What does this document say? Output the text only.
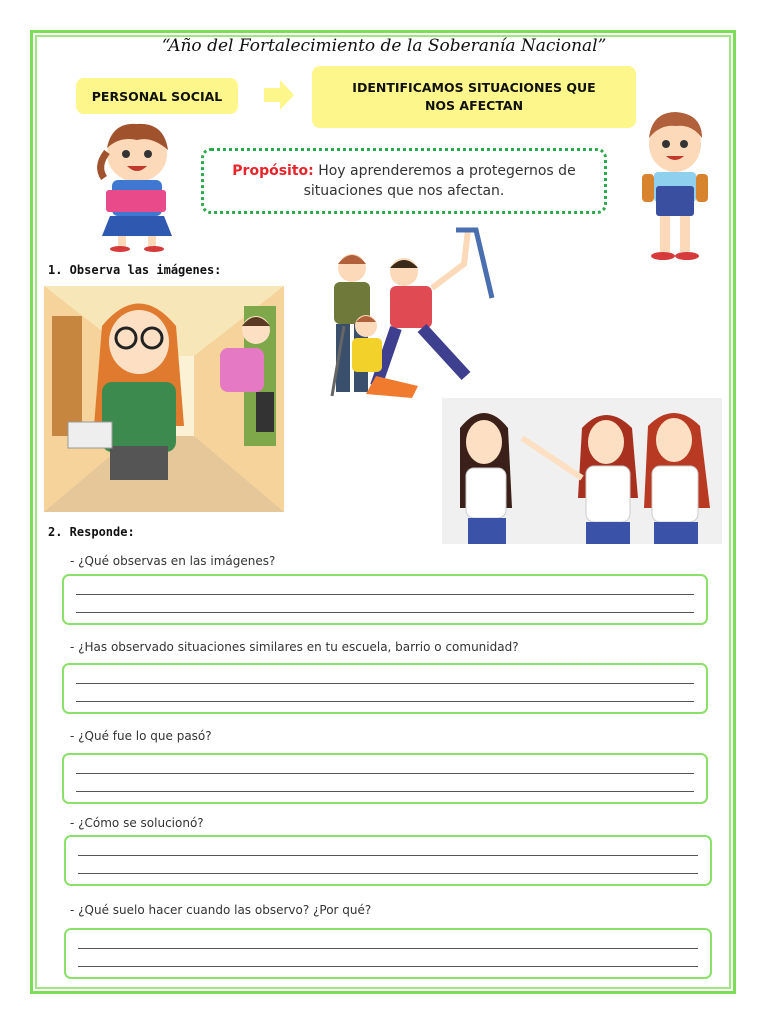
“Año del Fortalecimiento de la Soberanía Nacional”
PERSONAL SOCIAL
IDENTIFICAMOS SITUACIONES QUE NOS AFECTAN
Propósito: Hoy aprenderemos a protegernos de
situaciones que nos afectan.
1. Observa las imágenes:
2. Responde:
- ¿Qué observas en las imágenes?
- ¿Has observado situaciones similares en tu escuela, barrio o comunidad?
- ¿Qué fue lo que pasó?
- ¿Cómo se solucionó?
- ¿Qué suelo hacer cuando las observo? ¿Por qué?
